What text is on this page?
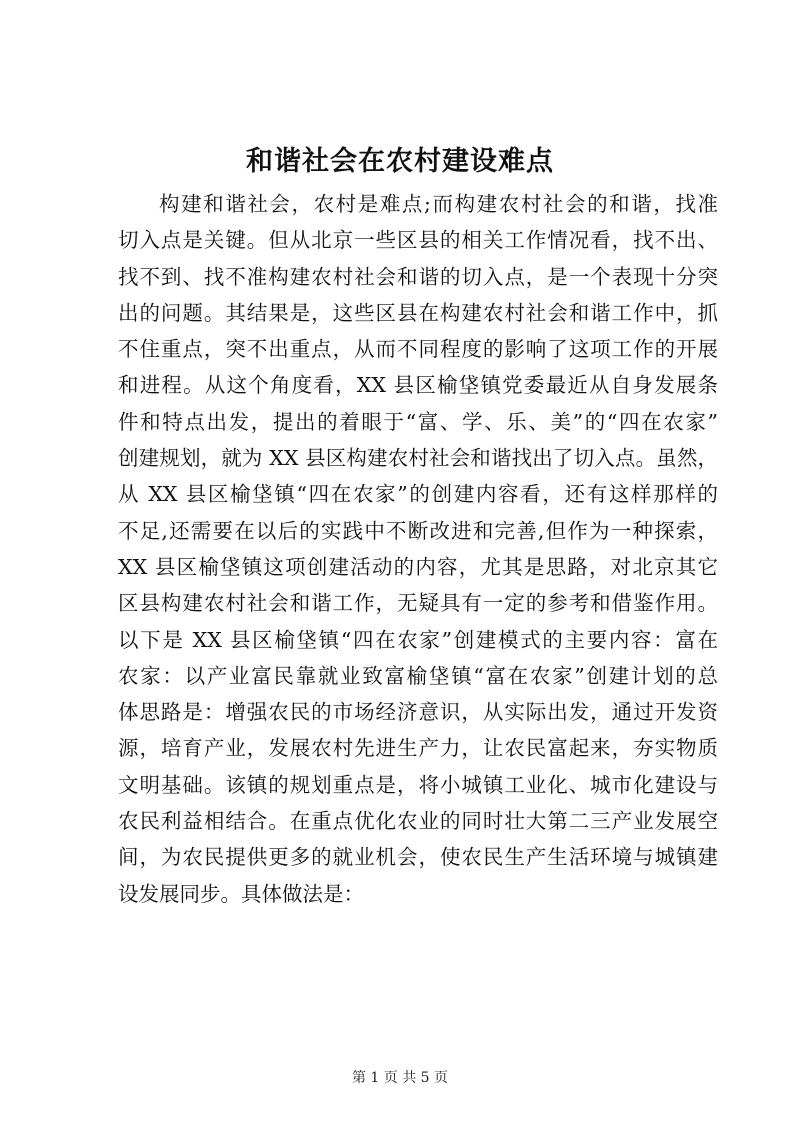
和谐社会在农村建设难点
构建和谐社会，农村是难点;而构建农村社会的和谐，找准
切入点是关键。但从北京一些区县的相关工作情况看，找不出、
找不到、找不准构建农村社会和谐的切入点，是一个表现十分突
出的问题。其结果是，这些区县在构建农村社会和谐工作中，抓
不住重点，突不出重点，从而不同程度的影响了这项工作的开展
和进程。从这个角度看，XX 县区榆垡镇党委最近从自身发展条
件和特点出发，提出的着眼于“富、学、乐、美”的“四在农家”
创建规划，就为 XX 县区构建农村社会和谐找出了切入点。虽然，
从 XX 县区榆垡镇“四在农家”的创建内容看，还有这样那样的
不足,还需要在以后的实践中不断改进和完善,但作为一种探索，
XX 县区榆垡镇这项创建活动的内容，尤其是思路，对北京其它
区县构建农村社会和谐工作，无疑具有一定的参考和借鉴作用。
以下是 XX 县区榆垡镇“四在农家”创建模式的主要内容：富在
农家：以产业富民靠就业致富榆垡镇“富在农家”创建计划的总
体思路是：增强农民的市场经济意识，从实际出发，通过开发资
源，培育产业，发展农村先进生产力，让农民富起来，夯实物质
文明基础。该镇的规划重点是，将小城镇工业化、城市化建设与
农民利益相结合。在重点优化农业的同时壮大第二三产业发展空
间，为农民提供更多的就业机会，使农民生产生活环境与城镇建
设发展同步。具体做法是：
第 1 页 共 5 页
